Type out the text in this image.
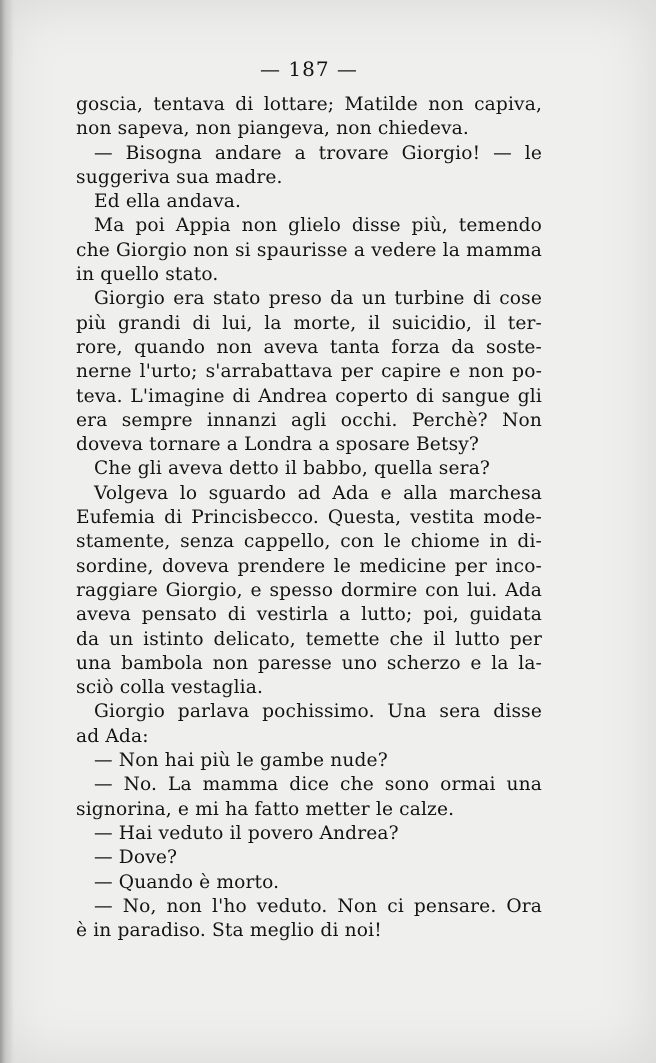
— 187 —
goscia, tentava di lottare; Matilde non capiva,
non sapeva, non piangeva, non chiedeva.
— Bisogna andare a trovare Giorgio! — le
suggeriva sua madre.
Ed ella andava.
Ma poi Appia non glielo disse più, temendo
che Giorgio non si spaurisse a vedere la mamma
in quello stato.
Giorgio era stato preso da un turbine di cose
più grandi di lui, la morte, il suicidio, il ter-
rore, quando non aveva tanta forza da soste-
nerne l'urto; s'arrabattava per capire e non po-
teva. L'imagine di Andrea coperto di sangue gli
era sempre innanzi agli occhi. Perchè? Non
doveva tornare a Londra a sposare Betsy?
Che gli aveva detto il babbo, quella sera?
Volgeva lo sguardo ad Ada e alla marchesa
Eufemia di Princisbecco. Questa, vestita mode-
stamente, senza cappello, con le chiome in di-
sordine, doveva prendere le medicine per inco-
raggiare Giorgio, e spesso dormire con lui. Ada
aveva pensato di vestirla a lutto; poi, guidata
da un istinto delicato, temette che il lutto per
una bambola non paresse uno scherzo e la la-
sciò colla vestaglia.
Giorgio parlava pochissimo. Una sera disse
ad Ada:
— Non hai più le gambe nude?
— No. La mamma dice che sono ormai una
signorina, e mi ha fatto metter le calze.
— Hai veduto il povero Andrea?
— Dove?
— Quando è morto.
— No, non l'ho veduto. Non ci pensare. Ora
è in paradiso. Sta meglio di noi!
